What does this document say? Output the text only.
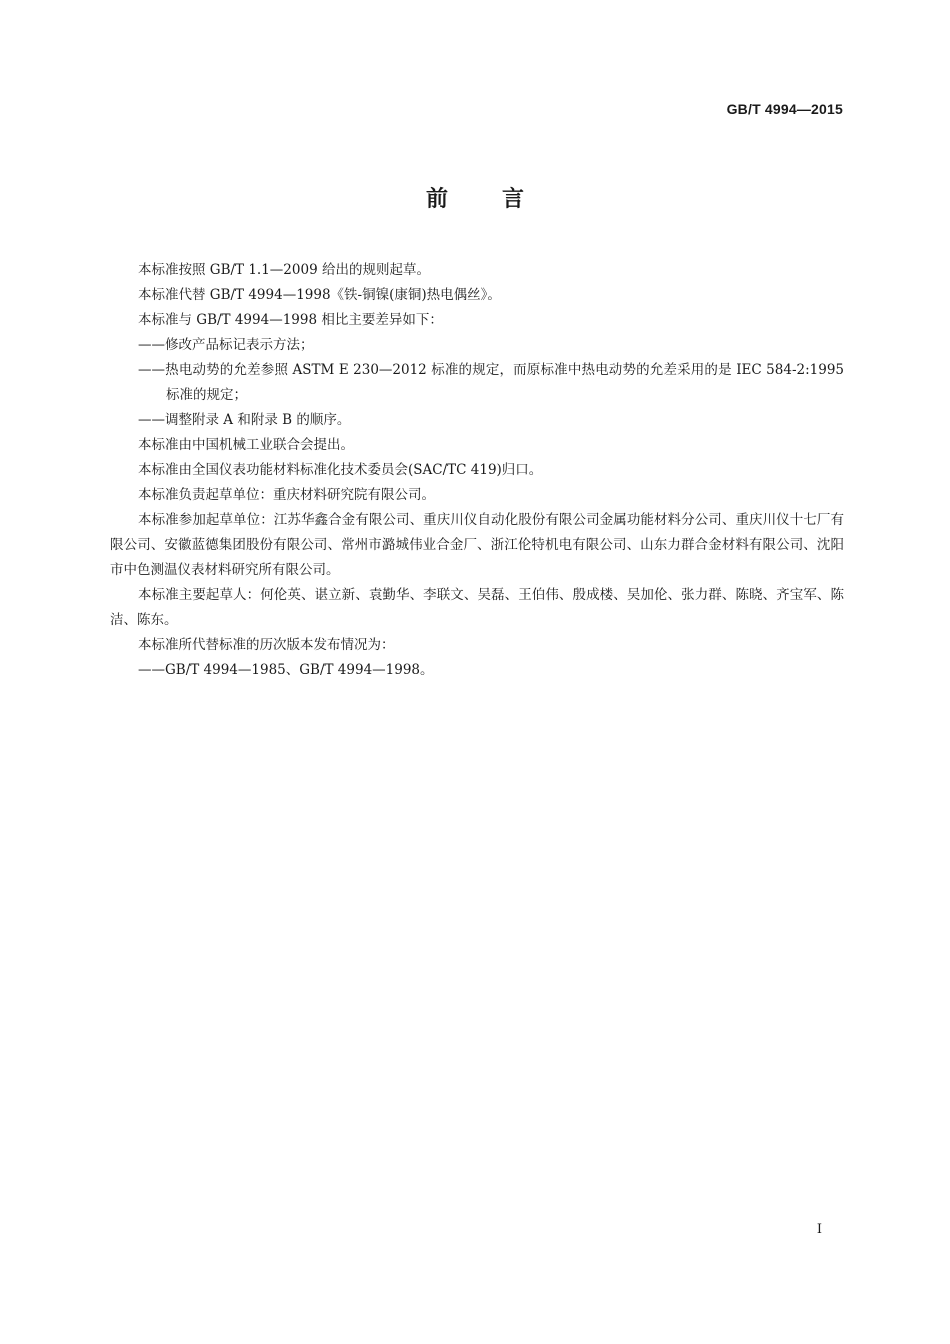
GB/T 4994—2015
前言

本标准按照 GB/T 1.1—2009 给出的规则起草。

本标准代替 GB/T 4994—1998《铁-铜镍(康铜)热电偶丝》。

本标准与 GB/T 4994—1998 相比主要差异如下：

——修改产品标记表示方法；

——热电动势的允差参照 ASTM E 230—2012 标准的规定，而原标准中热电动势的允差采用的是 IEC 584-2:1995 标准的规定；

——调整附录 A 和附录 B 的顺序。

本标准由中国机械工业联合会提出。

本标准由全国仪表功能材料标准化技术委员会(SAC/TC 419)归口。

本标准负责起草单位：重庆材料研究院有限公司。

本标准参加起草单位：江苏华鑫合金有限公司、重庆川仪自动化股份有限公司金属功能材料分公司、重庆川仪十七厂有限公司、安徽蓝德集团股份有限公司、常州市潞城伟业合金厂、浙江伦特机电有限公司、山东力群合金材料有限公司、沈阳市中色测温仪表材料研究所有限公司。

本标准主要起草人：何伦英、谌立新、袁勤华、李联文、吴磊、王伯伟、殷成楼、吴加伦、张力群、陈晓、齐宝军、陈洁、陈东。

本标准所代替标准的历次版本发布情况为：

——GB/T 4994—1985、GB/T 4994—1998。

I
